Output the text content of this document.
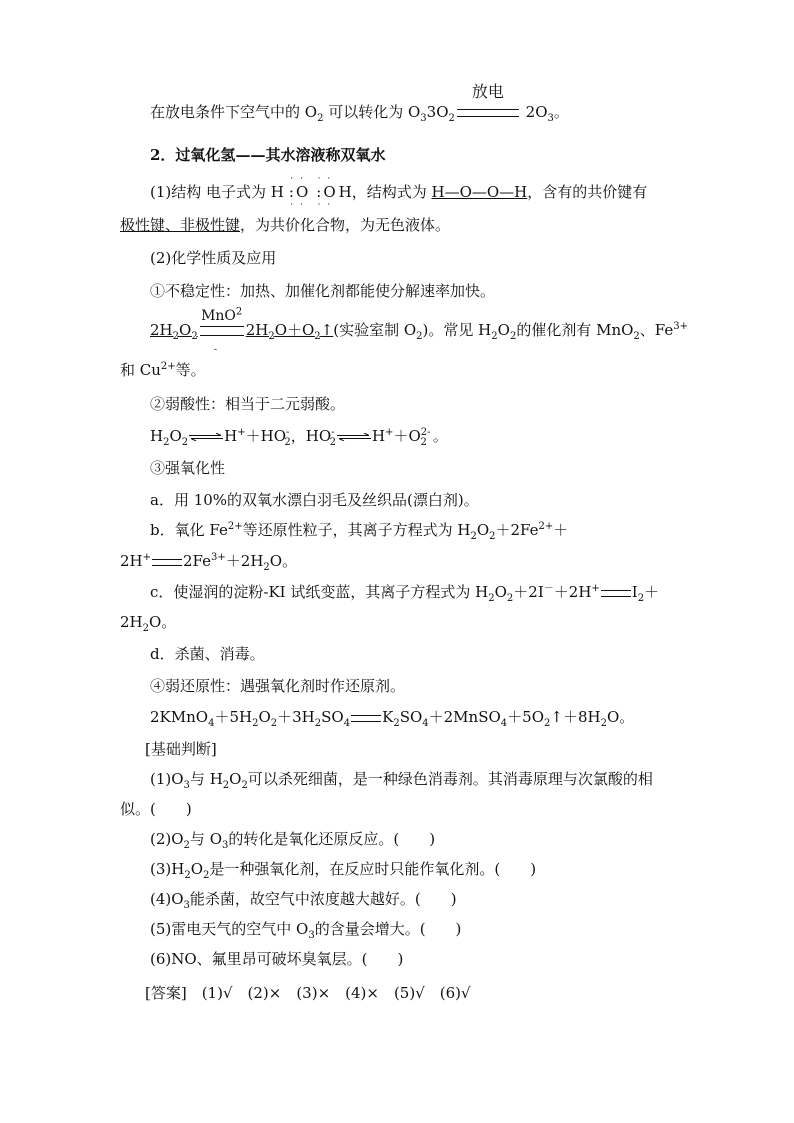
在放电条件下空气中的 $O_2$ 可以转化为 $O_33O_2$
放电
$2O_3$。
2．过氧化氢——其水溶液称双氧水
(1)结构 电子式为 H
· ·
: O
· ·
· ·
: O
· ·
H，结构式为 H—O—O—H，含有的共价键有
极性键、非极性键，为共价化合物，为无色液体。
(2)化学性质及应用
①不稳定性：加热、加催化剂都能使分解速率加快。
$2H_2O_2$
MnO$^2$
$2H_2O+O_2↑$(实验室制 $O_2$)。常见 $H_2O_2$的催化剂有 MnO$_2$、$Fe^{3+}$
-
和 $Cu^{2+}$等。
②弱酸性：相当于二元弱酸。
$H_2O_2\rightleftharpoons H^++HO^-_2$，$HO^-_2\rightleftharpoons H^++O^{2-}_2$ 。
③强氧化性
a．用 10%的双氧水漂白羽毛及丝织品(漂白剂)。
b．氧化 $Fe^{2+}$等还原性粒子，其离子方程式为 $H_2O_2+2Fe^{2+}+$
2H+ $2Fe^{3+}+2H_2O$。
c．使湿润的淀粉-KI 试纸变蓝，其离子方程式为 $H_2O_2+2I^-+2H^+$ $I_2+$
$2H_2O$。
d．杀菌、消毒。
④弱还原性：遇强氧化剂时作还原剂。
$2KMnO_4+5H_2O_2+3H_2SO_4$ $K_2SO_4+2MnSO_4+5O_2↑+8H_2O$。
[基础判断]
$(1)O_3$与 $H_2O_2$可以杀死细菌，是一种绿色消毒剂。其消毒原理与次氯酸的相
似。(　　)
$(2)O_2$与 $O_3$的转化是氧化还原反应。(　　)
$(3)H_2O_2$是一种强氧化剂，在反应时只能作氧化剂。(　　)
$(4)O_3$能杀菌，故空气中浓度越大越好。(　　)
(5)雷电天气的空气中 $O_3$的含量会增大。(　　)
(6)NO、氟里昂可破坏臭氧层。(　　)
[答案]　(1)√　(2)×　(3)×　(4)×　(5)√　(6)√
